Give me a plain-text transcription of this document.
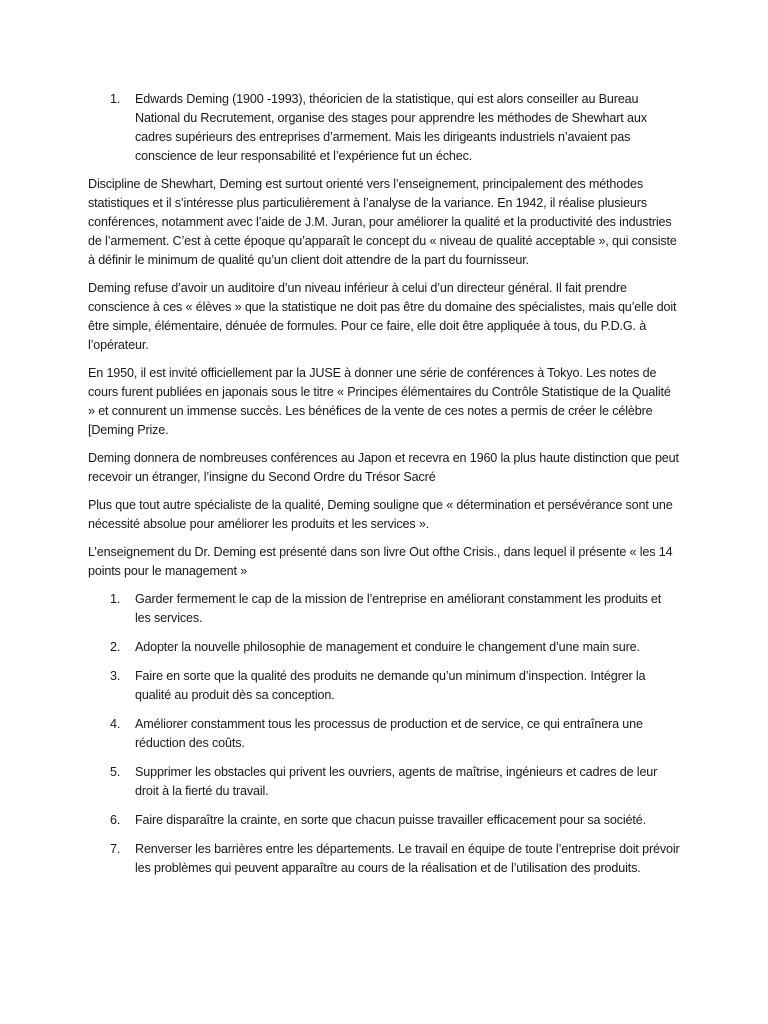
1. Edwards Deming (1900 -1993), théoricien de la statistique, qui est alors conseiller au Bureau National du Recrutement, organise des stages pour apprendre les méthodes de Shewhart aux cadres supérieurs des entreprises d’armement. Mais les dirigeants industriels n’avaient pas conscience de leur responsabilité et l’expérience fut un échec.

Discipline de Shewhart, Deming est surtout orienté vers l’enseignement, principalement des méthodes statistiques et il s’intéresse plus particulièrement à l’analyse de la variance. En 1942, il réalise plusieurs conférences, notamment avec l’aide de J.M. Juran, pour améliorer la qualité et la productivité des industries de l’armement. C’est à cette époque qu’apparaît le concept du « niveau de qualité acceptable », qui consiste à définir le minimum de qualité qu’un client doit attendre de la part du fournisseur.

Deming refuse d’avoir un auditoire d’un niveau inférieur à celui d’un directeur général. Il fait prendre conscience à ces « élèves » que la statistique ne doit pas être du domaine des spécialistes, mais qu’elle doit être simple, élémentaire, dénuée de formules. Pour ce faire, elle doit être appliquée à tous, du P.D.G. à l’opérateur.

En 1950, il est invité officiellement par la JUSE à donner une série de conférences à Tokyo. Les notes de cours furent publiées en japonais sous le titre « Principes élémentaires du Contrôle Statistique de la Qualité » et connurent un immense succès. Les bénéfices de la vente de ces notes a permis de créer le célèbre [Deming Prize.

Deming donnera de nombreuses conférences au Japon et recevra en 1960 la plus haute distinction que peut recevoir un étranger, l’insigne du Second Ordre du Trésor Sacré

Plus que tout autre spécialiste de la qualité, Deming souligne que « détermination et persévérance sont une nécessité absolue pour améliorer les produits et les services ».

L’enseignement du Dr. Deming est présenté dans son livre Out ofthe Crisis., dans lequel il présente « les 14 points pour le management »

1. Garder fermement le cap de la mission de l’entreprise en améliorant constamment les produits et les services.
2. Adopter la nouvelle philosophie de management et conduire le changement d’une main sure.
3. Faire en sorte que la qualité des produits ne demande qu’un minimum d’inspection. Intégrer la qualité au produit dès sa conception.
4. Améliorer constamment tous les processus de production et de service, ce qui entraînera une réduction des coûts.
5. Supprimer les obstacles qui privent les ouvriers, agents de maîtrise, ingénieurs et cadres de leur droit à la fierté du travail.
6. Faire disparaître la crainte, en sorte que chacun puisse travailler efficacement pour sa société.
7. Renverser les barrières entre les départements. Le travail en équipe de toute l’entreprise doit prévoir les problèmes qui peuvent apparaître au cours de la réalisation et de l’utilisation des produits.
